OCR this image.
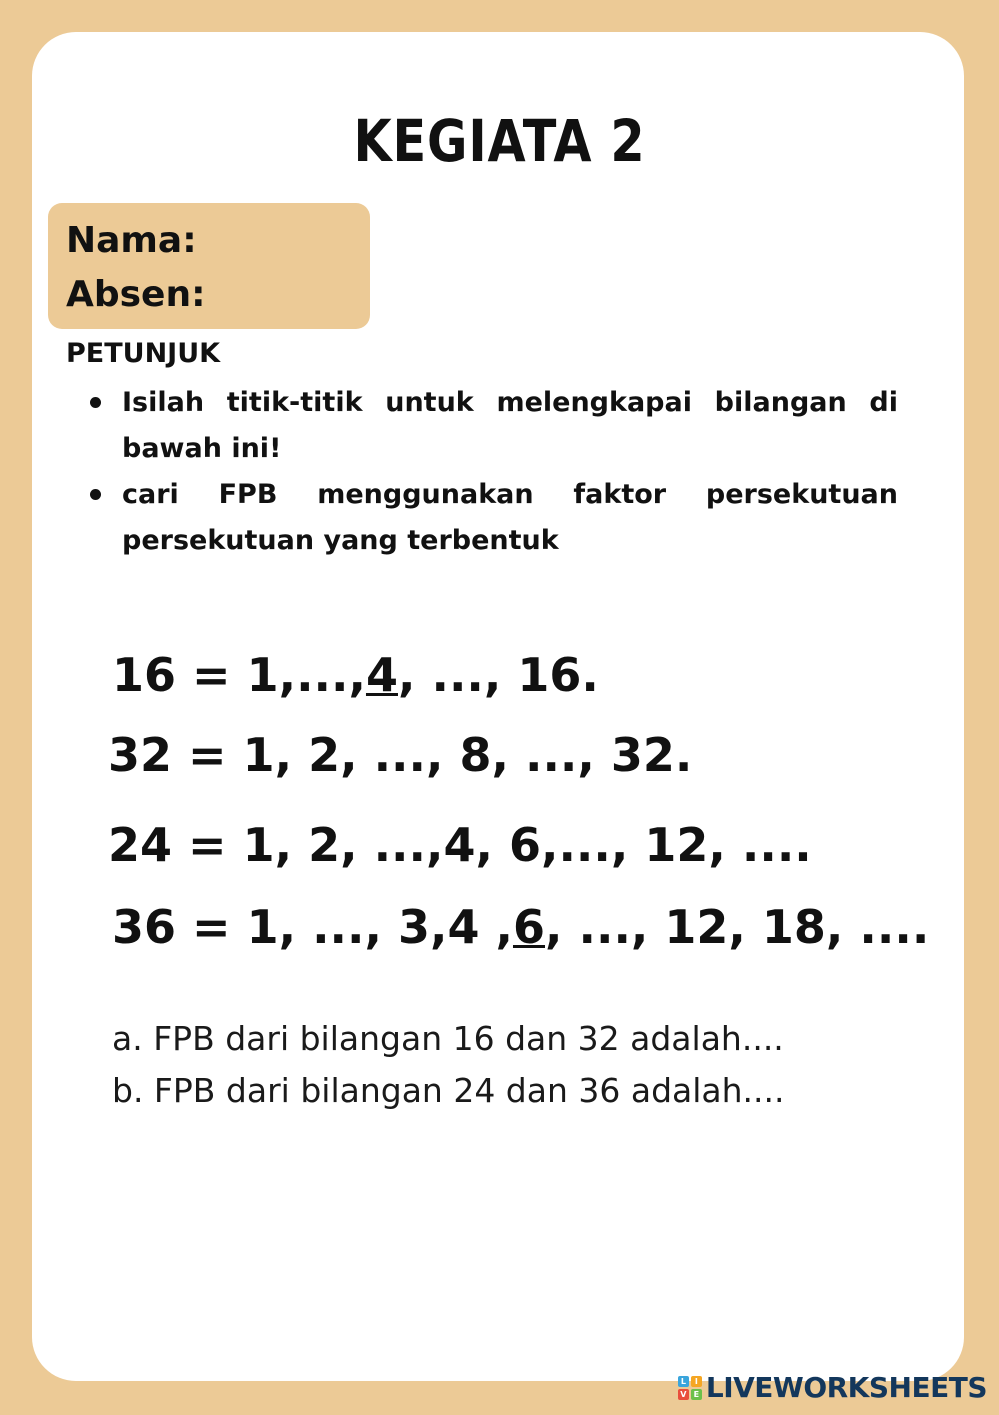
KEGIATA 2
Nama:
Absen:
PETUNJUK
Isilah titik-titik untuk melengkapai bilangan di bawah ini!
cari FPB menggunakan faktor persekutuan persekutuan yang terbentuk
16 = 1,...,4, ..., 16.
32 = 1, 2, ..., 8, ..., 32.
24 = 1, 2, ...,4, 6,..., 12, ....
36 = 1, ..., 3,4 ,6, ..., 12, 18, ....
a. FPB dari bilangan 16 dan 32 adalah....
b. FPB dari bilangan 24 dan 36 adalah....
L	I
V E LIVEWORKSHEETS
